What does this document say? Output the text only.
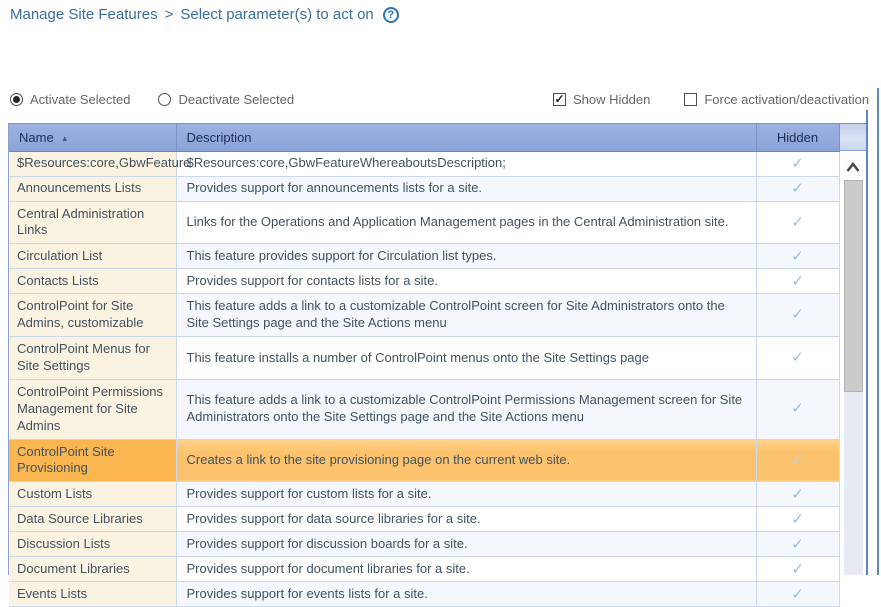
Manage Site Features > Select parameter(s) to act on	?
Activate Selected	Deactivate Selected ✓	Show Hidden	Force activation/deactivation
Name ▲	Description	Hidden
$Resources:core,GbwFeature	$Resources:core,GbwFeatureWhereaboutsDescription;	✓
Announcements Lists	Provides support for announcements lists for a site.	✓
Central Administration Links	Links for the Operations and Application Management pages in the Central Administration site.	✓
Circulation List	This feature provides support for Circulation list types.	✓
Contacts Lists	Provides support for contacts lists for a site.	✓
ControlPoint for Site Admins, customizable	This feature adds a link to a customizable ControlPoint screen for Site Administrators onto the Site Settings page and the Site Actions menu	✓
ControlPoint Menus for Site Settings	This feature installs a number of ControlPoint menus onto the Site Settings page	✓
ControlPoint Permissions Management for Site Admins	This feature adds a link to a customizable ControlPoint Permissions Management screen for Site Administrators onto the Site Settings page and the Site Actions menu	✓
ControlPoint Site Provisioning	Creates a link to the site provisioning page on the current web site.	✓
Custom Lists	Provides support for custom lists for a site.	✓
Data Source Libraries	Provides support for data source libraries for a site.	✓
Discussion Lists	Provides support for discussion boards for a site.	✓
Document Libraries	Provides support for document libraries for a site.	✓
Events Lists	Provides support for events lists for a site.	✓
